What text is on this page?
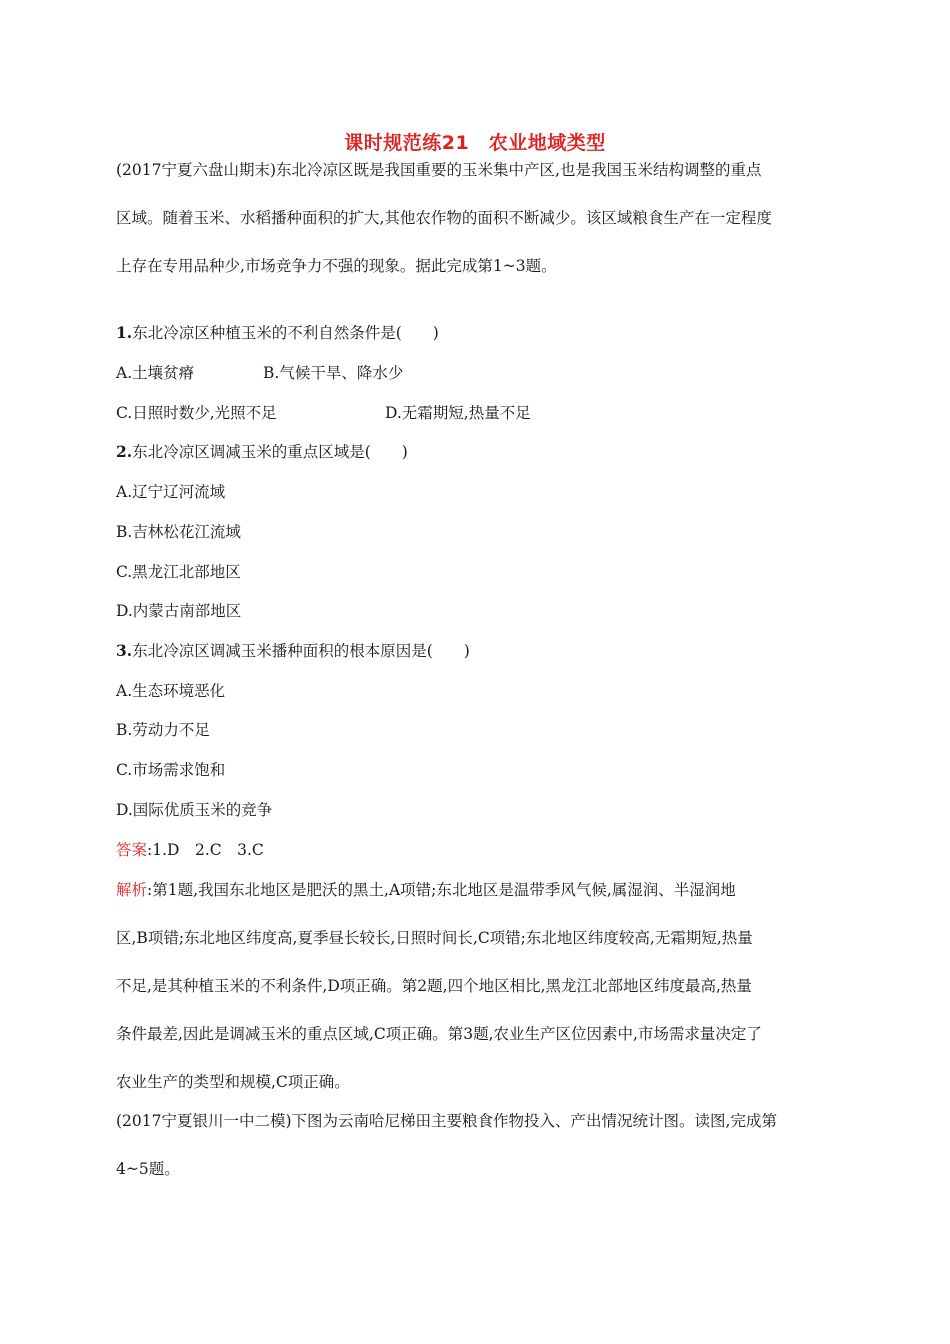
课时规范练21　农业地域类型
(2017宁夏六盘山期末)东北冷凉区既是我国重要的玉米集中产区,也是我国玉米结构调整的重点
区域。随着玉米、水稻播种面积的扩大,其他农作物的面积不断减少。该区域粮食生产在一定程度
上存在专用品种少,市场竞争力不强的现象。据此完成第1~3题。
1.东北冷凉区种植玉米的不利自然条件是(　　)
A.土壤贫瘠	B.气候干旱、降水少
C.日照时数少,光照不足	D.无霜期短,热量不足
2.东北冷凉区调减玉米的重点区域是(　　)
A.辽宁辽河流域
B.吉林松花江流域
C.黑龙江北部地区
D.内蒙古南部地区
3.东北冷凉区调减玉米播种面积的根本原因是(　　)
A.生态环境恶化
B.劳动力不足
C.市场需求饱和
D.国际优质玉米的竞争
答案:1.D　2.C　3.C
解析:第1题,我国东北地区是肥沃的黑土,A项错;东北地区是温带季风气候,属湿润、半湿润地
区,B项错;东北地区纬度高,夏季昼长较长,日照时间长,C项错;东北地区纬度较高,无霜期短,热量
不足,是其种植玉米的不利条件,D项正确。第2题,四个地区相比,黑龙江北部地区纬度最高,热量
条件最差,因此是调减玉米的重点区域,C项正确。第3题,农业生产区位因素中,市场需求量决定了
农业生产的类型和规模,C项正确。
(2017宁夏银川一中二模)下图为云南哈尼梯田主要粮食作物投入、产出情况统计图。读图,完成第
4~5题。
